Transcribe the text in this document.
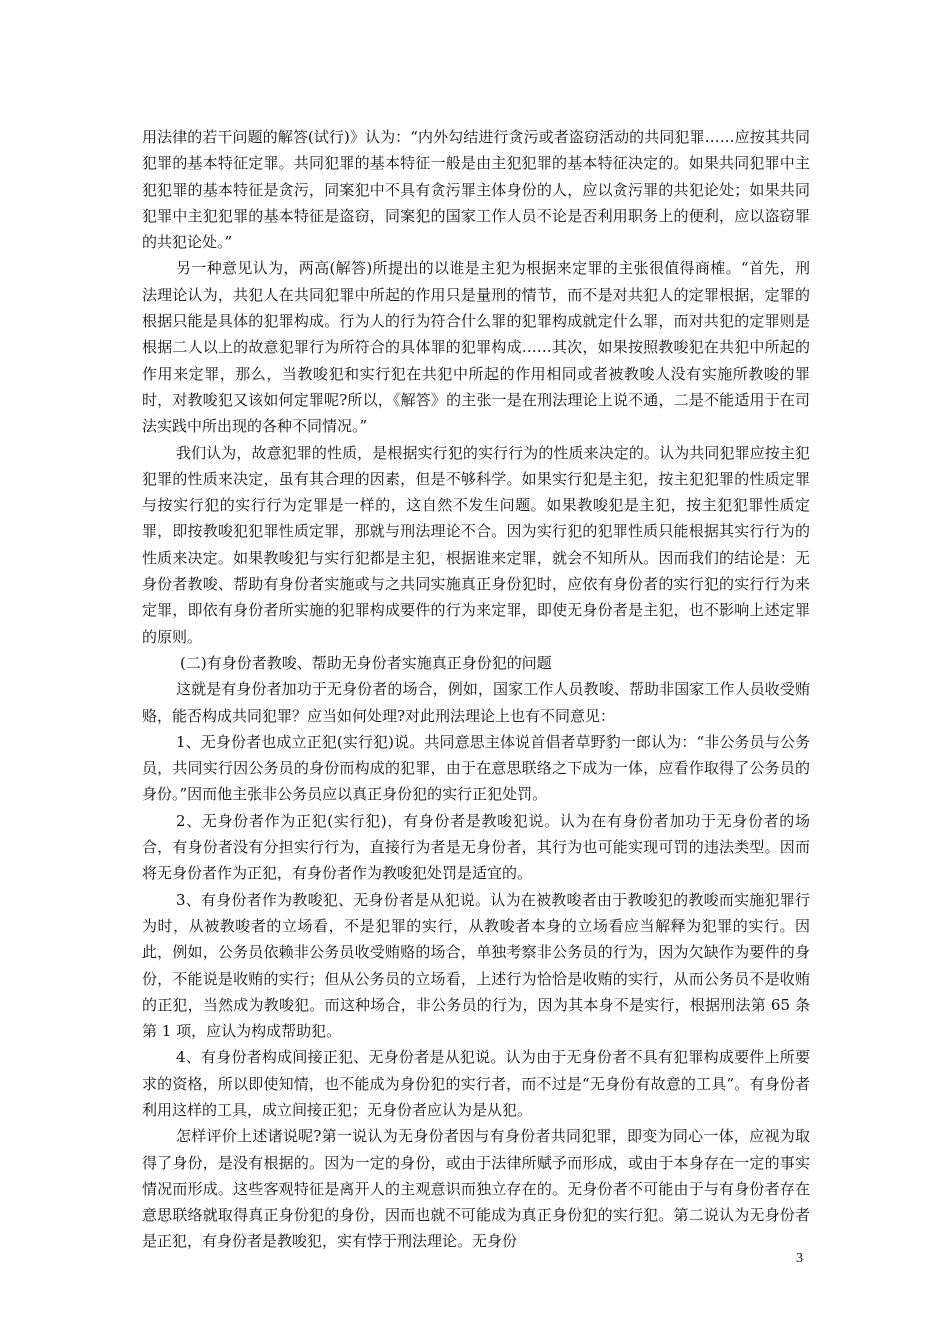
用法律的若干问题的解答(试行)》认为：“内外勾结进行贪污或者盗窃活动的共同犯罪……应按其共同犯罪的基本特征定罪。共同犯罪的基本特征一般是由主犯犯罪的基本特征决定的。如果共同犯罪中主犯犯罪的基本特征是贪污，同案犯中不具有贪污罪主体身份的人，应以贪污罪的共犯论处；如果共同犯罪中主犯犯罪的基本特征是盗窃，同案犯的国家工作人员不论是否利用职务上的便利，应以盗窃罪的共犯论处。”

另一种意见认为，两高(解答)所提出的以谁是主犯为根据来定罪的主张很值得商榷。“首先，刑法理论认为，共犯人在共同犯罪中所起的作用只是量刑的情节，而不是对共犯人的定罪根据，定罪的根据只能是具体的犯罪构成。行为人的行为符合什么罪的犯罪构成就定什么罪，而对共犯的定罪则是根据二人以上的故意犯罪行为所符合的具体罪的犯罪构成……其次，如果按照教唆犯在共犯中所起的作用来定罪，那么，当教唆犯和实行犯在共犯中所起的作用相同或者被教唆人没有实施所教唆的罪时，对教唆犯又该如何定罪呢?所以，《解答》的主张一是在刑法理论上说不通，二是不能适用于在司法实践中所出现的各种不同情况。”

我们认为，故意犯罪的性质，是根据实行犯的实行行为的性质来决定的。认为共同犯罪应按主犯犯罪的性质来决定，虽有其合理的因素，但是不够科学。如果实行犯是主犯，按主犯犯罪的性质定罪与按实行犯的实行行为定罪是一样的，这自然不发生问题。如果教唆犯是主犯，按主犯犯罪性质定罪，即按教唆犯犯罪性质定罪，那就与刑法理论不合。因为实行犯的犯罪性质只能根据其实行行为的性质来决定。如果教唆犯与实行犯都是主犯，根据谁来定罪，就会不知所从。因而我们的结论是：无身份者教唆、帮助有身份者实施或与之共同实施真正身份犯时，应依有身份者的实行犯的实行行为来定罪，即依有身份者所实施的犯罪构成要件的行为来定罪，即使无身份者是主犯，也不影响上述定罪的原则。

(二)有身份者教唆、帮助无身份者实施真正身份犯的问题

这就是有身份者加功于无身份者的场合，例如，国家工作人员教唆、帮助非国家工作人员收受贿赂，能否构成共同犯罪？应当如何处理?对此刑法理论上也有不同意见：

1、无身份者也成立正犯(实行犯)说。共同意思主体说首倡者草野豹一郎认为：“非公务员与公务员，共同实行因公务员的身份而构成的犯罪，由于在意思联络之下成为一体，应看作取得了公务员的身份。”因而他主张非公务员应以真正身份犯的实行正犯处罚。

2、无身份者作为正犯(实行犯)，有身份者是教唆犯说。认为在有身份者加功于无身份者的场合，有身份者没有分担实行行为，直接行为者是无身份者，其行为也可能实现可罚的违法类型。因而将无身份者作为正犯，有身份者作为教唆犯处罚是适宜的。

3、有身份者作为教唆犯、无身份者是从犯说。认为在被教唆者由于教唆犯的教唆而实施犯罪行为时，从被教唆者的立场看，不是犯罪的实行，从教唆者本身的立场看应当解释为犯罪的实行。因此，例如，公务员依赖非公务员收受贿赂的场合，单独考察非公务员的行为，因为欠缺作为要件的身份，不能说是收贿的实行；但从公务员的立场看，上述行为恰恰是收贿的实行，从而公务员不是收贿的正犯，当然成为教唆犯。而这种场合，非公务员的行为，因为其本身不是实行，根据刑法第 65 条第 1 项，应认为构成帮助犯。

4、有身份者构成间接正犯、无身份者是从犯说。认为由于无身份者不具有犯罪构成要件上所要求的资格，所以即使知情，也不能成为身份犯的实行者，而不过是“无身份有故意的工具”。有身份者利用这样的工具，成立间接正犯；无身份者应认为是从犯。

怎样评价上述诸说呢?第一说认为无身份者因与有身份者共同犯罪，即变为同心一体，应视为取得了身份，是没有根据的。因为一定的身份，或由于法律所赋予而形成，或由于本身存在一定的事实情况而形成。这些客观特征是离开人的主观意识而独立存在的。无身份者不可能由于与有身份者存在意思联络就取得真正身份犯的身份，因而也就不可能成为真正身份犯的实行犯。第二说认为无身份者是正犯，有身份者是教唆犯，实有悖于刑法理论。无身份

3
